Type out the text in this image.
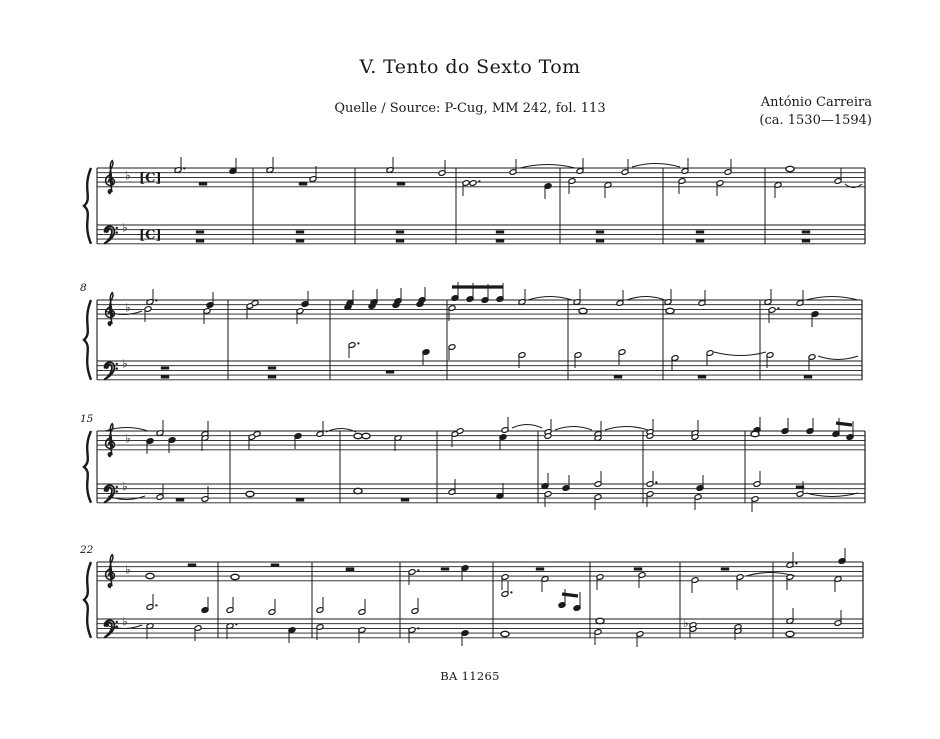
V. Tento do Sexto Tom
Quelle / Source: P-Cug, MM 242, fol. 113	António Carreira
(ca. 1530—1594)
♭
♭
[C]
[C]
♭
♭
8
♭
♭
15
♭
♭
22
♭
BA 11265
